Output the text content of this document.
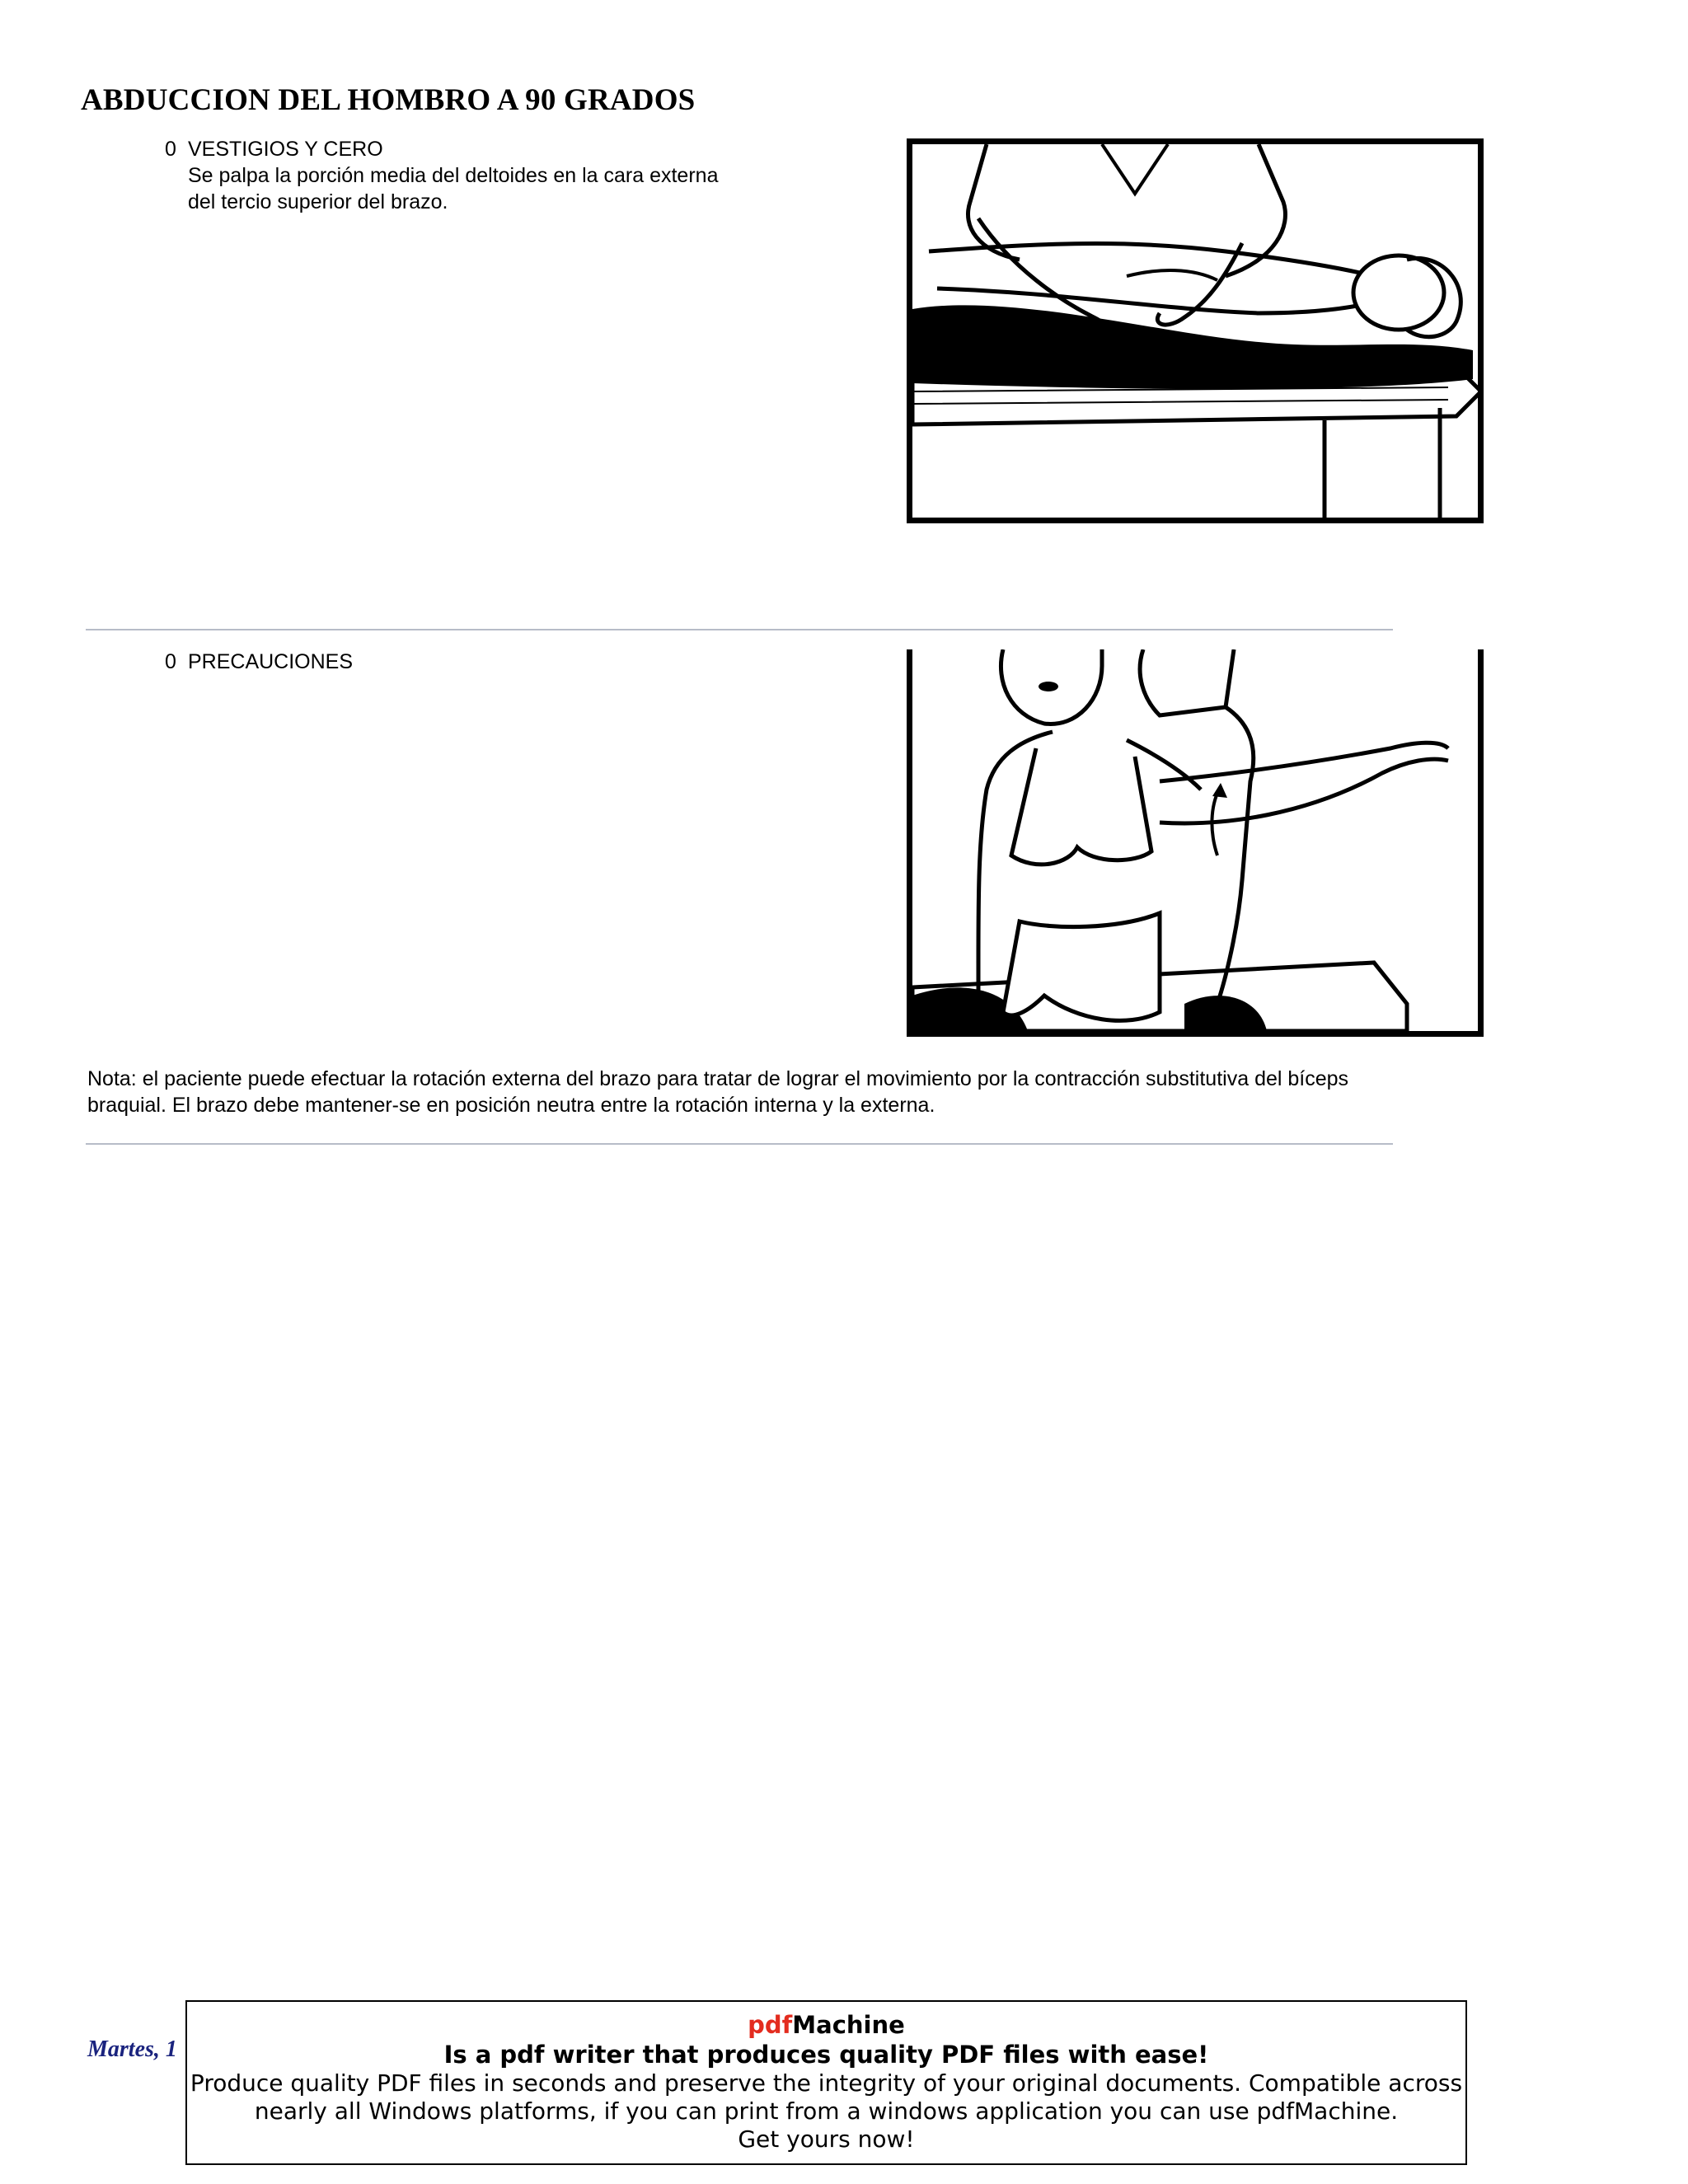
ABDUCCION DEL HOMBRO A 90 GRADOS
0 VESTIGIOS Y CERO
Se palpa la porción media del deltoides en la cara externa
del tercio superior del brazo.
0 PRECAUCIONES
Nota: el paciente puede efectuar la rotación externa del brazo para tratar de lograr el movimiento por la contracción substitutiva del bíceps
braquial. El brazo debe mantener-se en posición neutra entre la rotación interna y la externa.
Martes, 1
pdfMachine
Is a pdf writer that produces quality PDF files with ease!
Produce quality PDF files in seconds and preserve the integrity of your original documents. Compatible across
nearly all Windows platforms, if you can print from a windows application you can use pdfMachine.
Get yours now!
